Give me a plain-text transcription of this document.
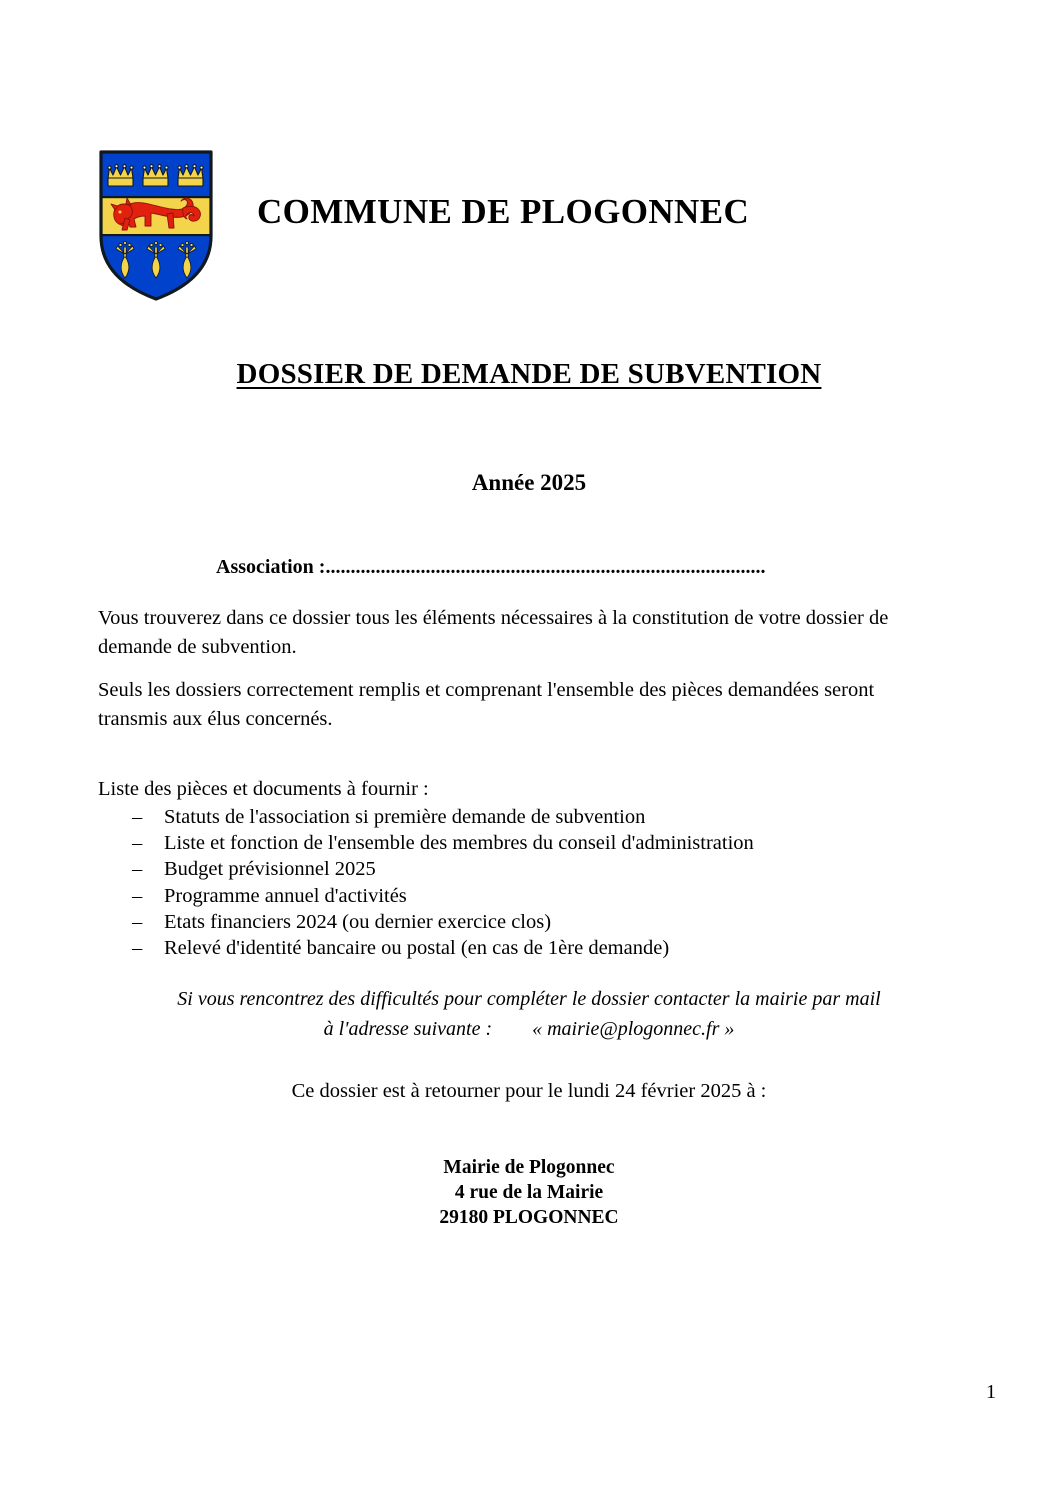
COMMUNE DE PLOGONNEC
DOSSIER DE DEMANDE DE SUBVENTION
Année 2025
Association :........................................................................................

Vous trouverez dans ce dossier tous les éléments nécessaires à la constitution de votre dossier de demande de subvention.

Seuls les dossiers correctement remplis et comprenant l'ensemble des pièces demandées seront transmis aux élus concernés.

Liste des pièces et documents à fournir :
– Statuts de l'association si première demande de subvention
– Liste et fonction de l'ensemble des membres du conseil d'administration
– Budget prévisionnel 2025
– Programme annuel d'activités
– Etats financiers 2024 (ou dernier exercice clos)
– Relevé d'identité bancaire ou postal (en cas de 1ère demande)
Si vous rencontrez des difficultés pour compléter le dossier contacter la mairie par mail
à l'adresse suivante :        « mairie@plogonnec.fr »
Ce dossier est à retourner pour le lundi 24 février 2025 à :
Mairie de Plogonnec
4 rue de la Mairie
29180 PLOGONNEC
1
